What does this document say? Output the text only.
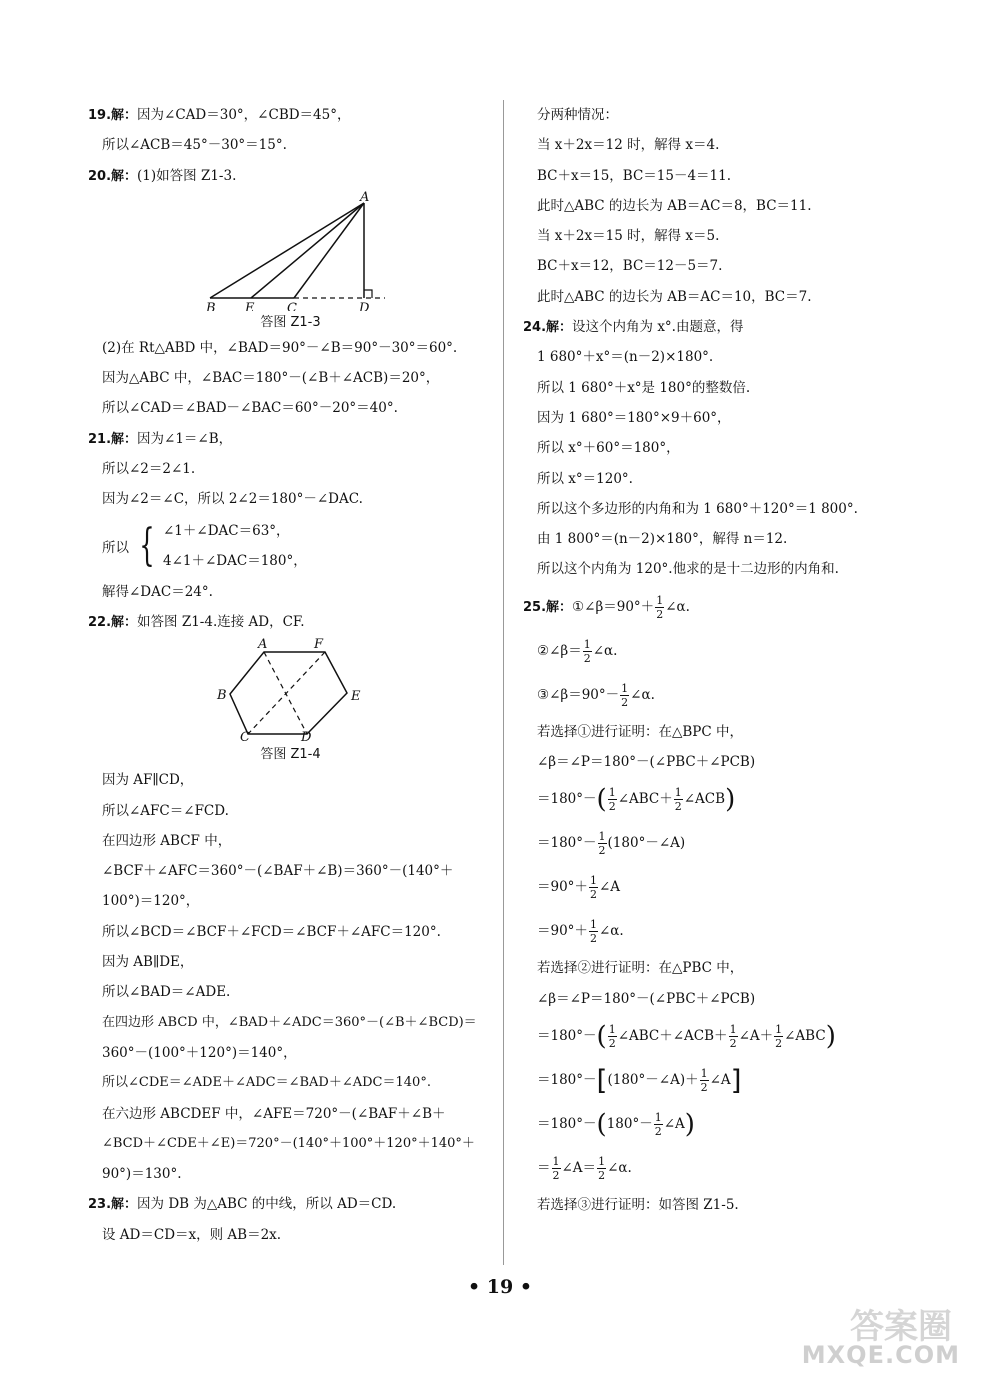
19.解：因为∠CAD＝30°，∠CBD＝45°，
所以∠ACB＝45°－30°＝15°.
20.解：(1)如答图 Z1-3.
A
B E	C	D
答图 Z1-3
(2)在 Rt△ABD 中，∠BAD＝90°－∠B＝90°－30°＝60°.
因为△ABC 中，∠BAC＝180°－(∠B＋∠ACB)＝20°，
所以∠CAD＝∠BAD－∠BAC＝60°－20°＝40°.
21.解：因为∠1＝∠B，
所以∠2＝2∠1.
因为∠2＝∠C，所以 2∠2＝180°－∠DAC.
所以 { ∠1＋∠DAC＝63°，
4∠1＋∠DAC＝180°，
解得∠DAC＝24°.
22.解：如答图 Z1-4.连接 AD，CF.
A	F
B	E
C	D
答图 Z1-4
因为 AF∥CD，
所以∠AFC＝∠FCD.
在四边形 ABCF 中，
∠BCF＋∠AFC＝360°－(∠BAF＋∠B)＝360°－(140°＋
100°)＝120°，
所以∠BCD＝∠BCF＋∠FCD＝∠BCF＋∠AFC＝120°.
因为 AB∥DE，
所以∠BAD＝∠ADE.
在四边形 ABCD 中，∠BAD＋∠ADC＝360°－(∠B＋∠BCD)＝
360°－(100°＋120°)＝140°，
所以∠CDE＝∠ADE＋∠ADC＝∠BAD＋∠ADC＝140°.
在六边形 ABCDEF 中，∠AFE＝720°－(∠BAF＋∠B＋
∠BCD＋∠CDE＋∠E)＝720°－(140°＋100°＋120°＋140°＋
90°)＝130°.
23.解：因为 DB 为△ABC 的中线，所以 AD＝CD.
设 AD＝CD＝x，则 AB＝2x.
分两种情况：
当 x＋2x＝12 时，解得 x＝4.
BC＋x＝15，BC＝15－4＝11.
此时△ABC 的边长为 AB＝AC＝8，BC＝11.
当 x＋2x＝15 时，解得 x＝5.
BC＋x＝12，BC＝12－5＝7.
此时△ABC 的边长为 AB＝AC＝10，BC＝7.
24.解：设这个内角为 x°.由题意，得
1 680°＋x°＝(n－2)×180°.
所以 1 680°＋x°是 180°的整数倍.
因为 1 680°＝180°×9＋60°，
所以 x°＋60°＝180°，
所以 x°＝120°.
所以这个多边形的内角和为 1 680°＋120°＝1 800°.
由 1 800°＝(n－2)×180°，解得 n＝12.
所以这个内角为 120°.他求的是十二边形的内角和.
25.解：①∠β＝90°＋ $\frac{1}{2}$ ∠α.
②∠β＝ $\frac{1}{2}$ ∠α.
③∠β＝90°－ $\frac{1}{2}$ ∠α.
若选择①进行证明：在△BPC 中，
∠β＝∠P＝180°－(∠PBC＋∠PCB)
$=180^\circ-( \frac{1}{2}$ ∠ABC＋ $\frac{1}{2}$ ∠ACB)
$=180^\circ- \frac{1}{2}$ (180°－∠A)
$=90^\circ+ \frac{1}{2}$ ∠A
$=90^\circ+ \frac{1}{2}$ ∠α.
若选择②进行证明：在△PBC 中，
∠β＝∠P＝180°－(∠PBC＋∠PCB)
$=180^\circ-( \frac{1}{2}$ ∠ABC＋∠ACB＋ $\frac{1}{2}$ ∠A＋ $\frac{1}{2}$ ∠ABC)
＝180°－[(180°－∠A)＋ $\frac{1}{2}$ ∠A]
$=180^\circ-(180^\circ- \frac{1}{2}$ ∠A)
＝ $\frac{1}{2}$ ∠A＝ $\frac{1}{2}$ ∠α.
若选择③进行证明：如答图 Z1-5.
• 19 •
答案圈
MXQE.COM
